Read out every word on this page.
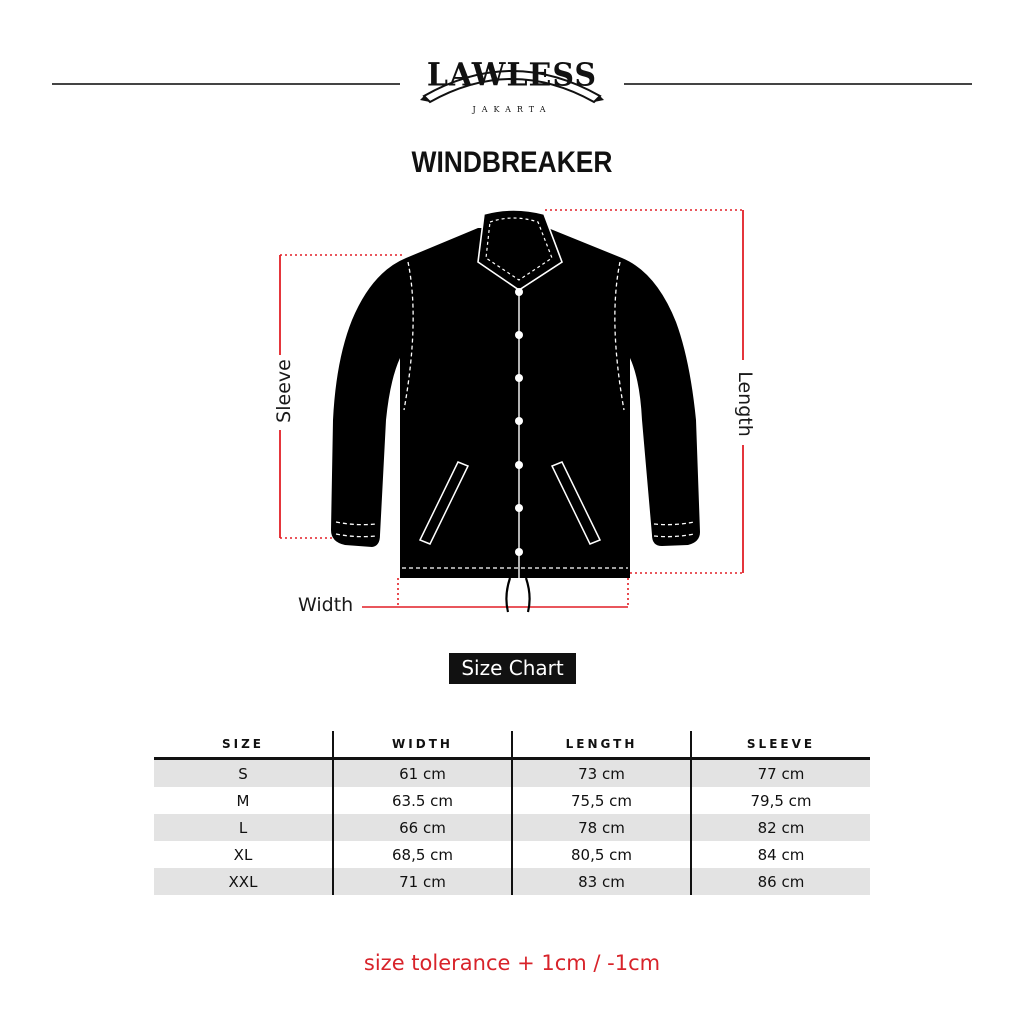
LAWLESS
JAKARTA
WINDBREAKER
Sleeve	Length
Width
Size Chart
SIZE	WIDTH	LENGTH	SLEEVE
S	61 cm	73 cm	77 cm
M	63.5 cm	75,5 cm	79,5 cm
L	66 cm	78 cm	82 cm
XL	68,5 cm	80,5 cm	84 cm
XXL	71 cm	83 cm	86 cm
size tolerance + 1cm / -1cm
